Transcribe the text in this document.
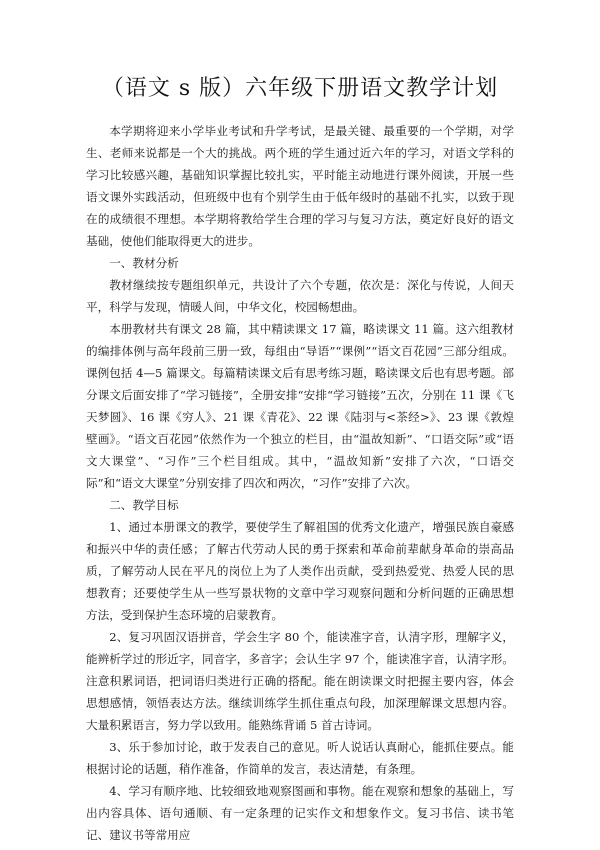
（语文 s 版）六年级下册语文教学计划

本学期将迎来小学毕业考试和升学考试，是最关键、最重要的一个学期，对学生、老师来说都是一个大的挑战。两个班的学生通过近六年的学习，对语文学科的学习比较感兴趣，基础知识掌握比较扎实，平时能主动地进行课外阅读，开展一些语文课外实践活动，但班级中也有个别学生由于低年级时的基础不扎实，以致于现在的成绩很不理想。本学期将教给学生合理的学习与复习方法，奠定好良好的语文基础，使他们能取得更大的进步。

一、教材分析

教材继续按专题组织单元，共设计了六个专题，依次是：深化与传说，人间天平，科学与发现，情暖人间，中华文化，校园畅想曲。

本册教材共有课文 28 篇，其中精读课文 17 篇，略读课文 11 篇。这六组教材的编排体例与高年段前三册一致，每组由“导语”“课例”“语文百花园”三部分组成。课例包括 4—5 篇课文。每篇精读课文后有思考练习题，略读课文后也有思考题。部分课文后面安排了“学习链接”，全册安排“安排“学习链接”五次，分别在 11 课《飞天梦圆》、16 课《穷人》、21 课《青花》、22 课《陆羽与<茶经>》、23 课《敦煌壁画》。“语文百花园”依然作为一个独立的栏目，由“温故知新”、“口语交际”或“语文大课堂”、“习作”三个栏目组成。其中，“温故知新”安排了六次，“口语交际”和“语文大课堂”分别安排了四次和两次，“习作”安排了六次。

二、教学目标

1、通过本册课文的教学，要使学生了解祖国的优秀文化遗产，增强民族自豪感和振兴中华的责任感；了解古代劳动人民的勇于探索和革命前辈献身革命的崇高品质，了解劳动人民在平凡的岗位上为了人类作出贡献，受到热爱党、热爱人民的思想教育；还要使学生从一些写景状物的文章中学习观察问题和分析问题的正确思想方法，受到保护生态环境的启蒙教育。

2、复习巩固汉语拼音，学会生字 80 个，能读准字音，认清字形，理解字义，能辨析学过的形近字，同音字，多音字；会认生字 97 个，能读准字音，认清字形。注意积累词语，把词语归类进行正确的搭配。能在朗读课文时把握主要内容，体会思想感情，领悟表达方法。继续训练学生抓住重点句段，加深理解课文思想内容。大量积累语言，努力学以致用。能熟练背诵 5 首古诗词。

3、乐于参加讨论，敢于发表自己的意见。听人说话认真耐心，能抓住要点。能根据讨论的话题，稍作准备，作简单的发言，表达清楚，有条理。

4、学习有顺序地、比较细致地观察图画和事物。能在观察和想象的基础上，写出内容具体、语句通顺、有一定条理的记实作文和想象作文。复习书信、读书笔记、建议书等常用应
